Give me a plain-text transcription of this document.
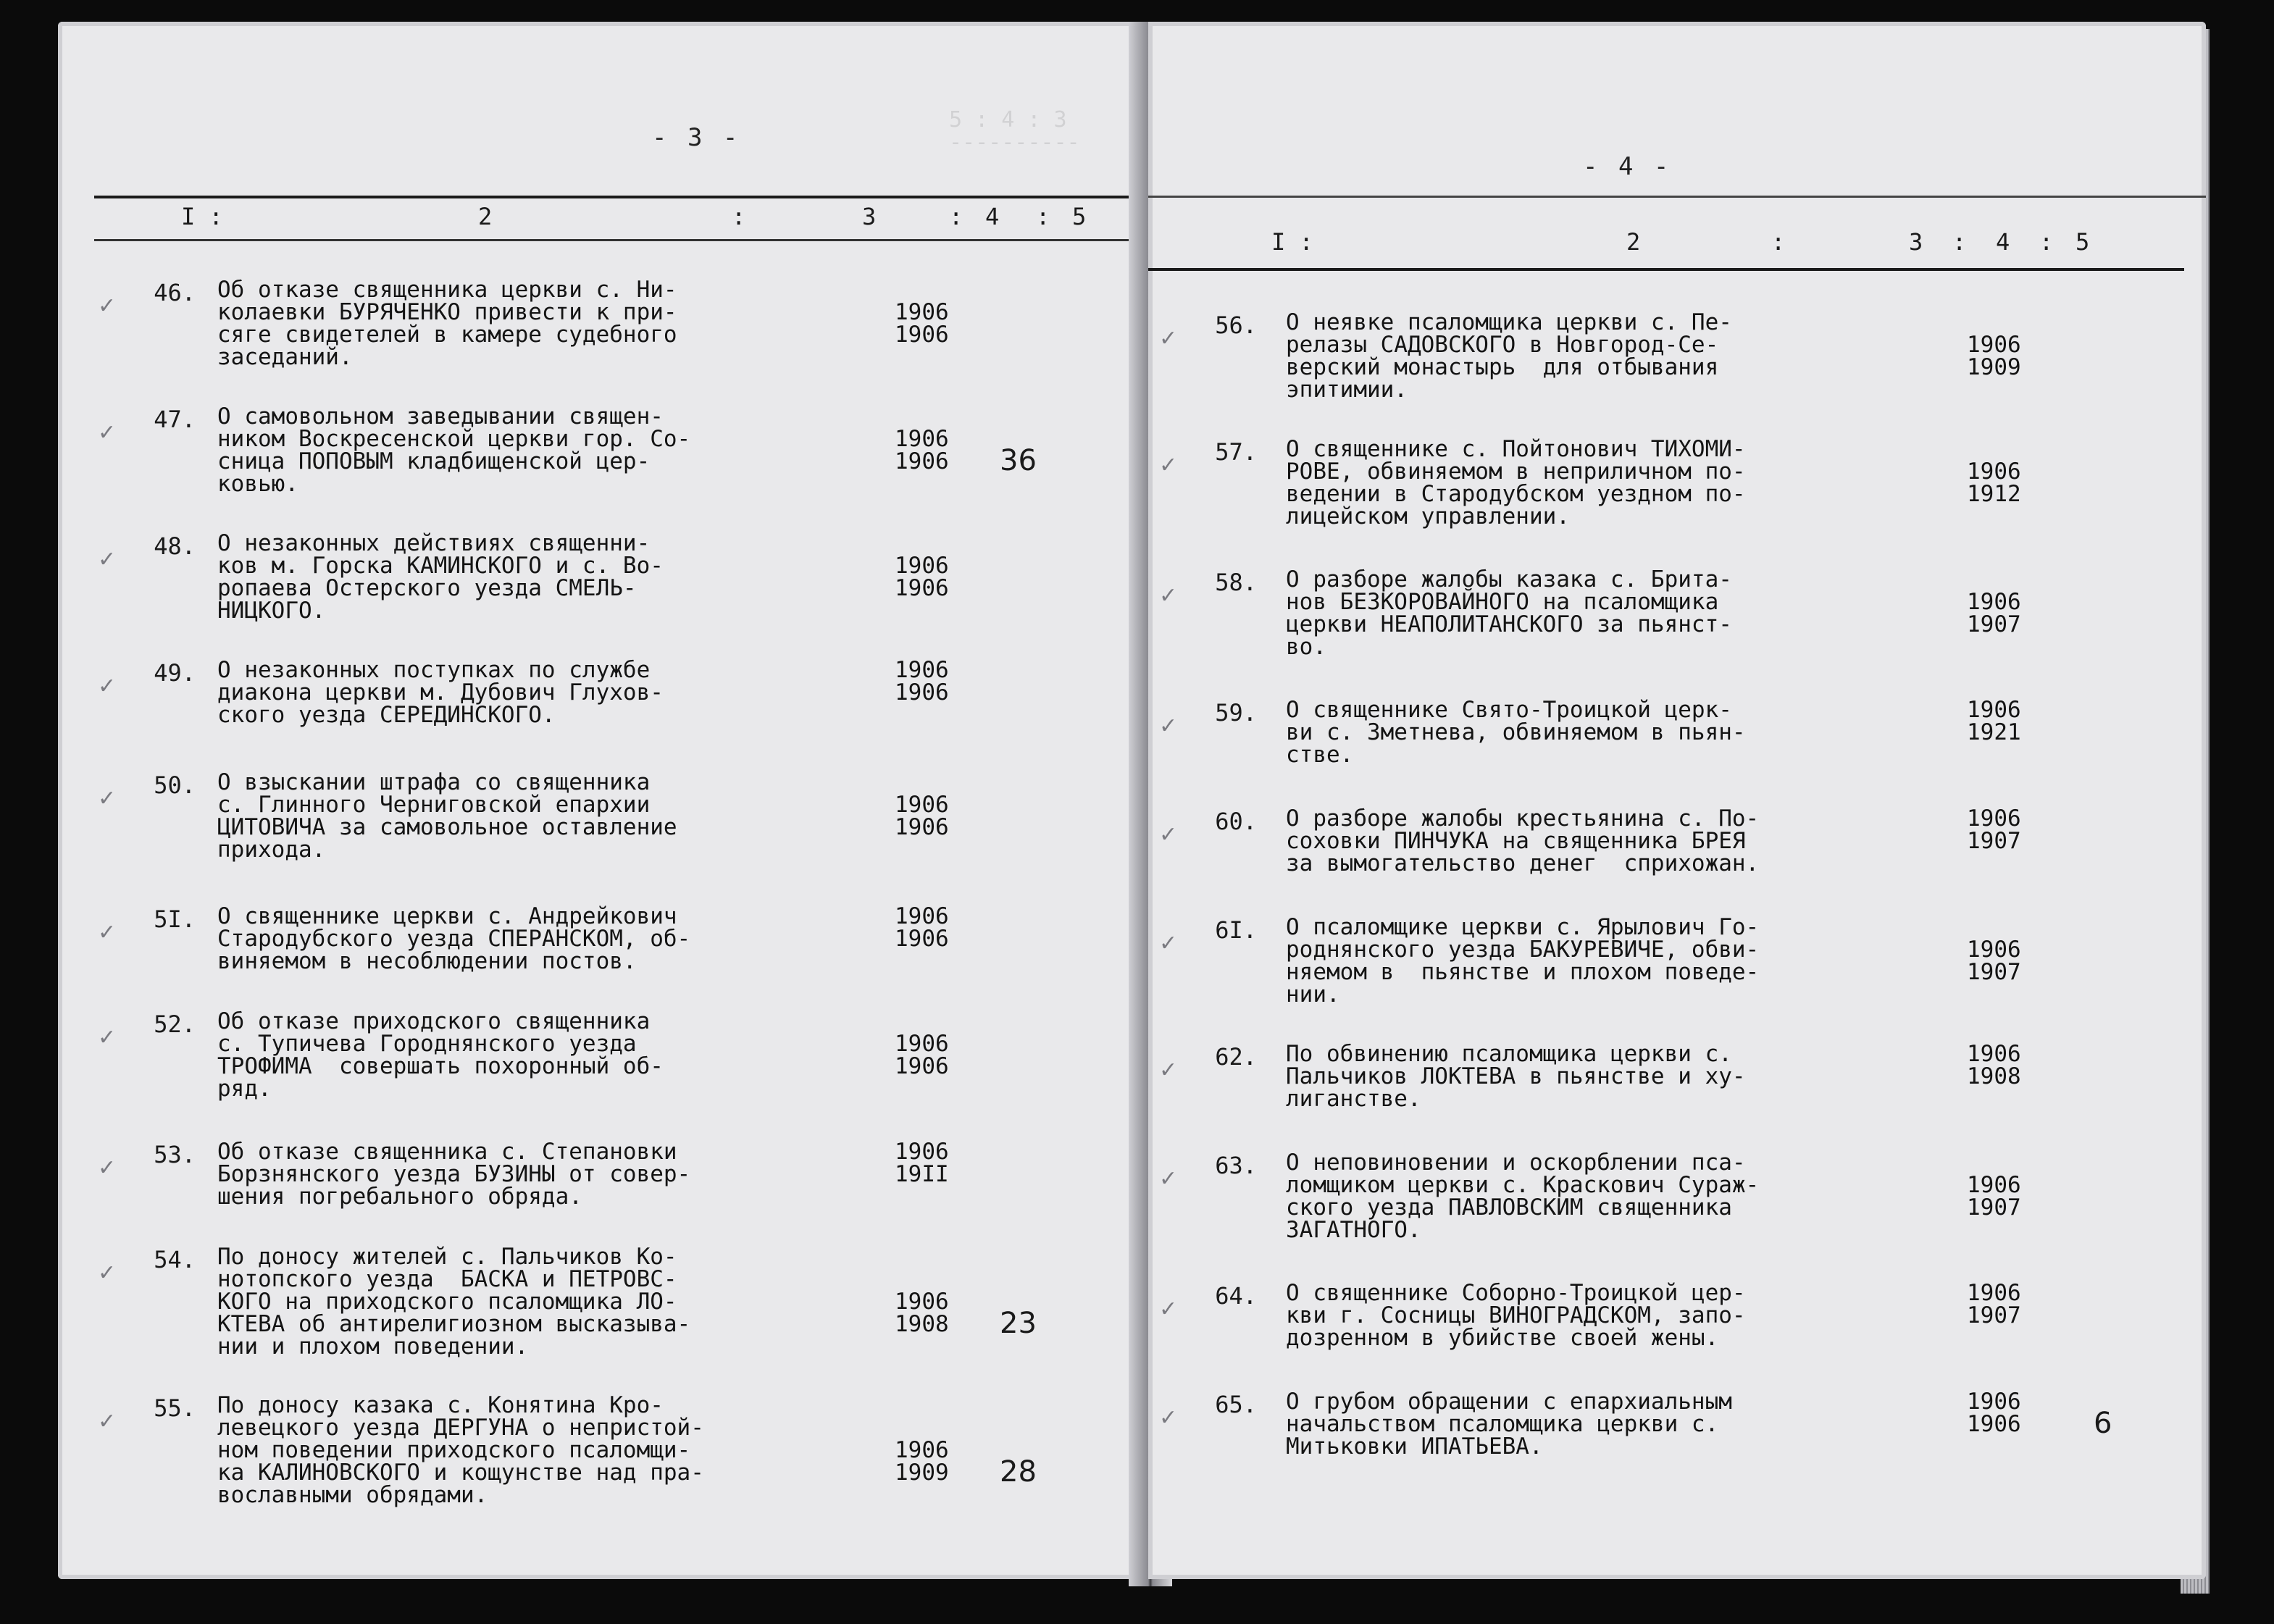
5 : 4 : 3
----------

- 3 -
I :	2	:	3	: 4 : 5
46. Об отказе священника церкви с. Ни-
колаевки БУРЯЧЕНКО привести к при-
сяге свидетелей в камере судебного
заседаний.
1906
1906
✓
47. О самовольном заведывании священ-
ником Воскресенской церкви гор. Со-
сница ПОПОВЫМ кладбищенской цер-
ковью.
1906
1906 36
✓
48. О незаконных действиях священни-
ков м. Горска КАМИНСКОГО и с. Во-
ропаева Остерского уезда СМЕЛЬ-
НИЦКОГО.
1906
1906
✓
49. О незаконных поступках по службе
диакона церкви м. Дубович Глухов-
ского уезда СЕРЕДИНСКОГО.
1906
1906
✓
50. О взыскании штрафа со священника
с. Глинного Черниговской епархии
ЦИТОВИЧА за самовольное оставление
прихода.
1906
1906
✓
5I. О священнике церкви с. Андрейкович
Стародубского уезда СПЕРАНСКОМ, об-
виняемом в несоблюдении постов.
1906
1906
✓
52. Об отказе приходского священника
с. Тупичева Городнянского уезда
ТРОФИМА  совершать похоронный об-
ряд.
1906
1906
✓
53. Об отказе священника с. Степановки
Борзнянского уезда БУЗИНЫ от совер-
шения погребального обряда.
1906
19II
✓
54. По доносу жителей с. Пальчиков Ко-
нотопского уезда  БАСКА и ПЕТРОВС-
КОГО на приходского псаломщика ЛО-
КТЕВА об антирелигиозном высказыва-
нии и плохом поведении.
1906
1908 23
✓
55. По доносу казака с. Конятина Кро-
левецкого уезда ДЕРГУНА о непристой-
ном поведении приходского псаломщи-
ка КАЛИНОВСКОГО и кощунстве над пра-
вославными обрядами.
1906
1909 28
✓
- 4 -
I :	2	:	3 : 4 : 5
56. О неявке псаломщика церкви с. Пе-
релазы САДОВСКОГО в Новгород-Се-
верский монастырь  для отбывания
эпитимии.
1906
1909
✓
57. О священнике с. Пойтонович ТИХОМИ-
РОВЕ, обвиняемом в неприличном по-
ведении в Стародубском уездном по-
лицейском управлении.
1906
1912
✓
58. О разборе жалобы казака с. Брита-
нов БЕЗКОРОВАЙНОГО на псаломщика
церкви НЕАПОЛИТАНСКОГО за пьянст-
во.
1906
1907
✓
59. О священнике Свято-Троицкой церк-
ви с. Зметнева, обвиняемом в пьян-
стве.
1906
1921
✓
60. О разборе жалобы крестьянина с. По-
соховки ПИНЧУКА на священника БРЕЯ
за вымогательство денег  сприхожан.
1906
1907
✓
6I. О псаломщике церкви с. Ярылович Го-
роднянского уезда БАКУРЕВИЧЕ, обви-
няемом в  пьянстве и плохом поведе-
нии.
1906
1907
✓
62. По обвинению псаломщика церкви с.
Пальчиков ЛОКТЕВА в пьянстве и ху-
лиганстве.
1906
1908
✓
63. О неповиновении и оскорблении пса-
ломщиком церкви с. Краскович Сураж-
ского уезда ПАВЛОВСКИМ священника
ЗАГАТНОГО.
1906
1907
✓
64. О священнике Соборно-Троицкой цер-
кви г. Сосницы ВИНОГРАДСКОМ, запо-
дозренном в убийстве своей жены.
1906
1907
✓
65. О грубом обращении с епархиальным
начальством псаломщика церкви с.
Митьковки ИПАТЬЕВА.
1906
1906	6
✓
